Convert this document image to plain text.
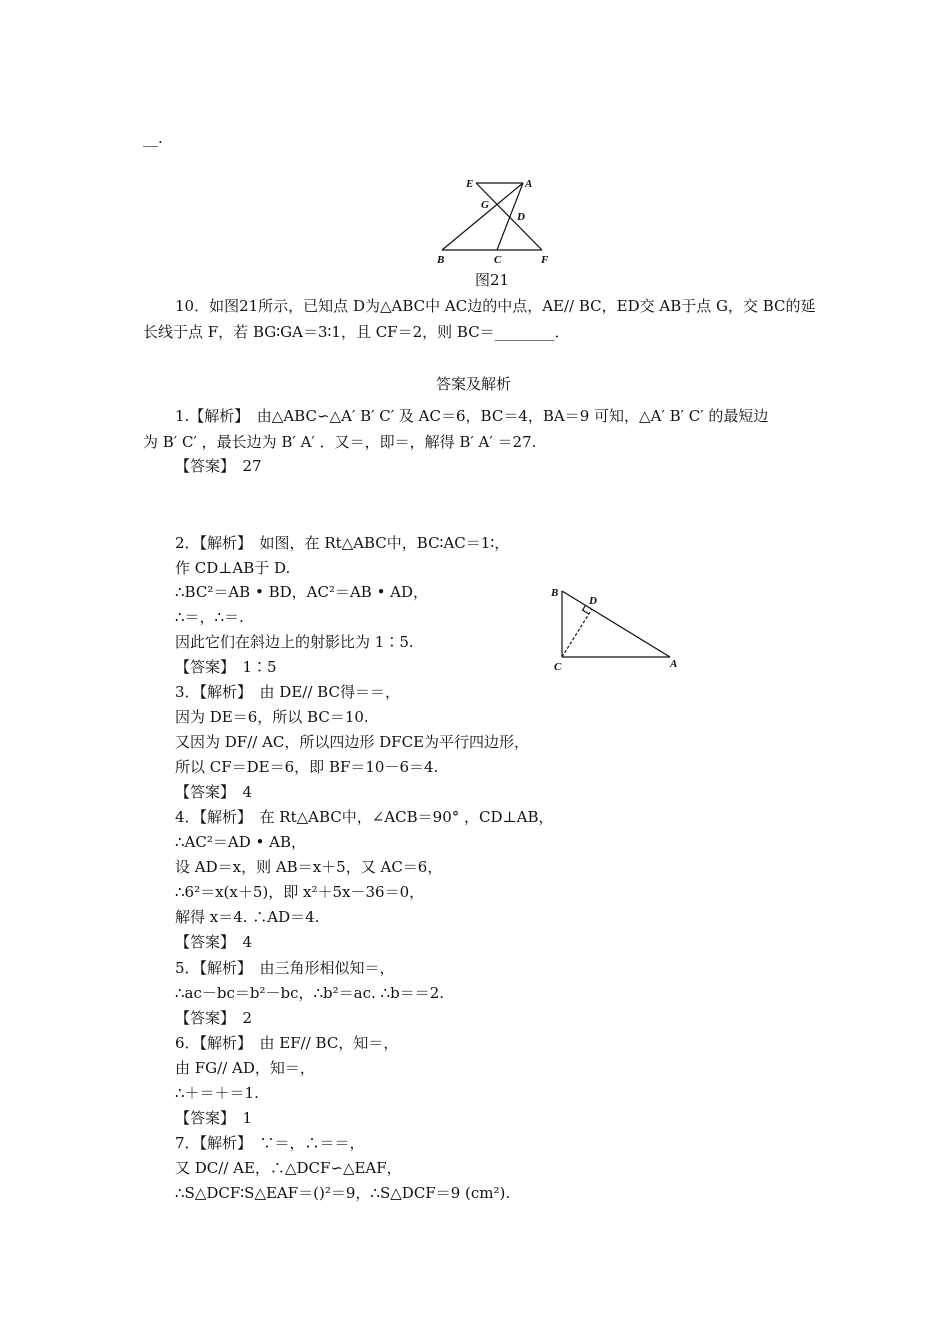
__.
E	A
G
D
B	C	F
图21
10．如图21所示，已知点 D为△ABC中 AC边的中点，AE// BC，ED交 AB于点 G，交 BC的延
长线于点 F，若 BG∶GA＝3∶1，且 CF＝2，则 BC＝________．
答案及解析
1.【解析】　由△ABC∽△A′ B′ C′ 及 AC＝6，BC＝4，BA＝9 可知，△A′ B′ C′ 的最短边
为 B′ C′ ，最长边为 B′ A′ ．又＝，即＝，解得 B′ A′ ＝27.
【答案】　27
2．【解析】　如图，在 Rt△ABC中，BC∶AC＝1∶，
作 CD⊥AB于 D.
∴BC²＝AB • BD，AC²＝AB • AD，
∴＝，∴＝.
因此它们在斜边上的射影比为 1∶5.
【答案】　1∶5
B
D
C	A
3．【解析】　由 DE// BC得＝＝，
因为 DE＝6，所以 BC＝10.
又因为 DF// AC，所以四边形 DFCE为平行四边形，
所以 CF＝DE＝6，即 BF＝10－6＝4.
【答案】　4
4．【解析】　在 Rt△ABC中，∠ACB＝90° ，CD⊥AB，
∴AC²＝AD • AB，
设 AD＝x，则 AB＝x＋5，又 AC＝6，
∴6²＝x(x＋5)，即 x²＋5x－36＝0，
解得 x＝4. ∴AD＝4.
【答案】　4
5．【解析】　由三角形相似知＝，
∴ac－bc＝b²－bc，∴b²＝ac. ∴b＝＝2.
【答案】　2
6．【解析】　由 EF// BC，知＝，
由 FG// AD，知＝，
∴＋＝＋＝1.
【答案】　1
7．【解析】　∵＝，∴＝＝，
又 DC// AE，∴△DCF∽△EAF，
∴S△DCF∶S△EAF＝()²＝9，∴S△DCF＝9 (cm²).
